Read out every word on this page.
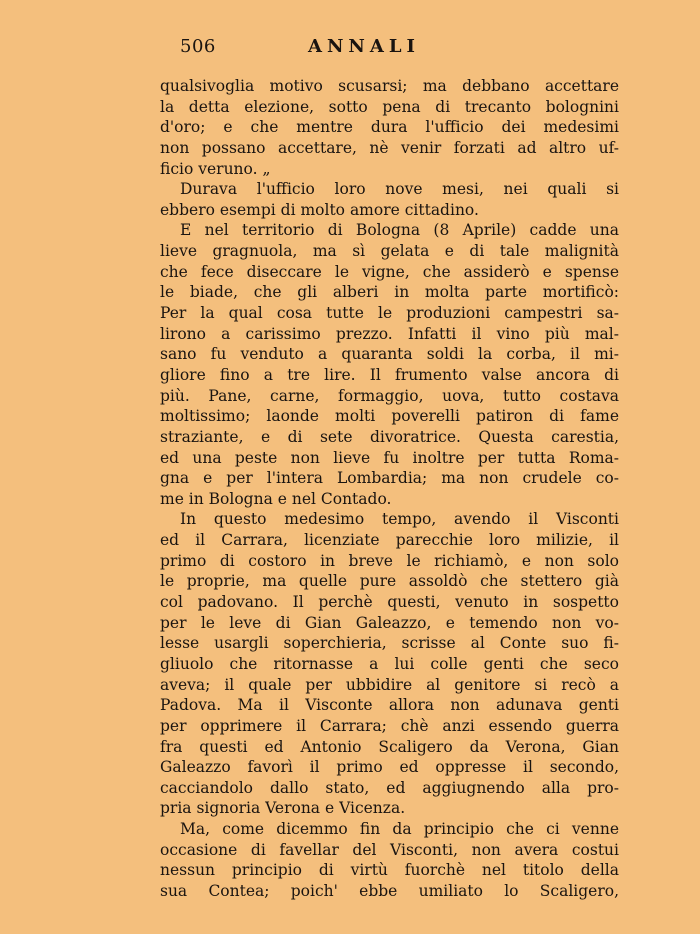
506	ANNALI
qualsivoglia motivo scusarsi; ma debbano accettare
la detta elezione, sotto pena di trecanto bolognini
d'oro; e che mentre dura l'ufficio dei medesimi
non possano accettare, nè venir forzati ad altro uf-
ficio veruno. „
Durava l'ufficio loro nove mesi, nei quali si
ebbero esempi di molto amore cittadino.
E nel territorio di Bologna (8 Aprile) cadde una
lieve gragnuola, ma sì gelata e di tale malignità
che fece diseccare le vigne, che assiderò e spense
le biade, che gli alberi in molta parte mortificò:
Per la qual cosa tutte le produzioni campestri sa-
lirono a carissimo prezzo. Infatti il vino più mal-
sano fu venduto a quaranta soldi la corba, il mi-
gliore fino a tre lire. Il frumento valse ancora di
più. Pane, carne, formaggio, uova, tutto costava
moltissimo; laonde molti poverelli patiron di fame
straziante, e di sete divoratrice. Questa carestia,
ed una peste non lieve fu inoltre per tutta Roma-
gna e per l'intera Lombardia; ma non crudele co-
me in Bologna e nel Contado.
In questo medesimo tempo, avendo il Visconti
ed il Carrara, licenziate parecchie loro milizie, il
primo di costoro in breve le richiamò, e non solo
le proprie, ma quelle pure assoldò che stettero già
col padovano. Il perchè questi, venuto in sospetto
per le leve di Gian Galeazzo, e temendo non vo-
lesse usargli soperchieria, scrisse al Conte suo fi-
gliuolo che ritornasse a lui colle genti che seco
aveva; il quale per ubbidire al genitore si recò a
Padova. Ma il Visconte allora non adunava genti
per opprimere il Carrara; chè anzi essendo guerra
fra questi ed Antonio Scaligero da Verona, Gian
Galeazzo favorì il primo ed oppresse il secondo,
cacciandolo dallo stato, ed aggiugnendo alla pro-
pria signoria Verona e Vicenza.
Ma, come dicemmo fin da principio che ci venne
occasione di favellar del Visconti, non avera costui
nessun principio di virtù fuorchè nel titolo della
sua Contea; poich' ebbe umiliato lo Scaligero,
